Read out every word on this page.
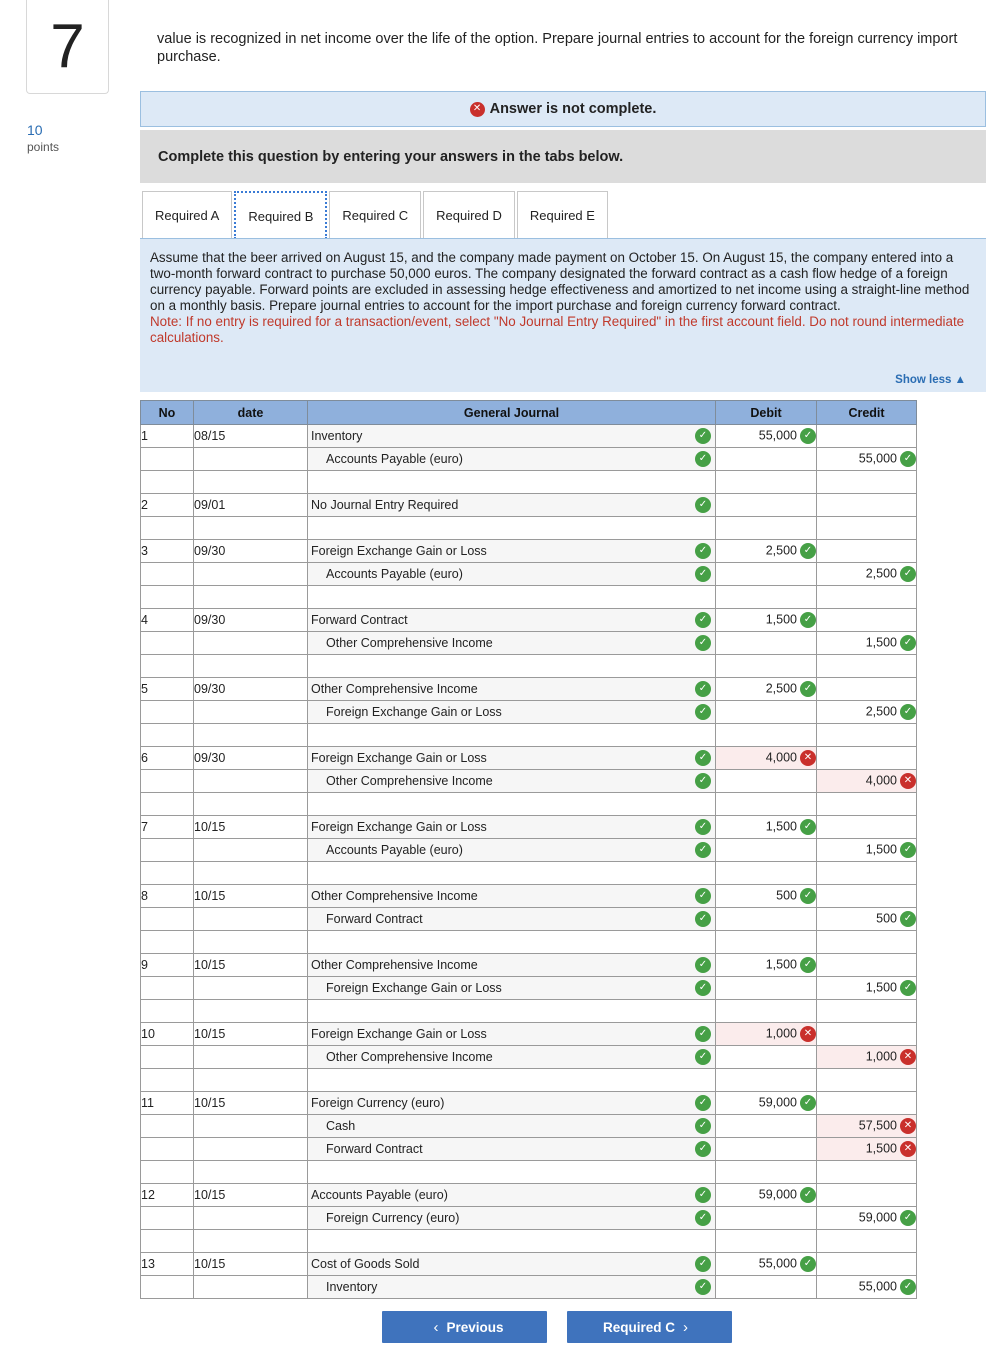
7
10
points
value is recognized in net income over the life of the option. Prepare journal entries to account for the foreign currency import purchase.
✕ Answer is not complete.
Complete this question by entering your answers in the tabs below.
Required A	Required B	Required C	Required D	Required E
Assume that the beer arrived on August 15, and the company made payment on October 15. On August 15, the company entered into a two-month forward contract to purchase 50,000 euros. The company designated the forward contract as a cash flow hedge of a foreign currency payable. Forward points are excluded in assessing hedge effectiveness and amortized to net income using a straight-line method on a monthly basis. Prepare journal entries to account for the import purchase and foreign currency forward contract.
Note: If no entry is required for a transaction/event, select "No Journal Entry Required" in the first account field. Do not round intermediate calculations.
Show less ▲
No	date	General Journal	Debit	Credit
1	08/15	Inventory ✓	55,000 ✓	
		Accounts Payable (euro) ✓		55,000 ✓

2	09/01	No Journal Entry Required ✓		

3	09/30	Foreign Exchange Gain or Loss ✓	2,500 ✓	
		Accounts Payable (euro) ✓		2,500 ✓

4	09/30	Forward Contract ✓	1,500 ✓	
		Other Comprehensive Income ✓		1,500 ✓

5	09/30	Other Comprehensive Income ✓	2,500 ✓	
		Foreign Exchange Gain or Loss ✓		2,500 ✓

6	09/30	Foreign Exchange Gain or Loss ✓	4,000 ✕	
		Other Comprehensive Income ✓		4,000 ✕

7	10/15	Foreign Exchange Gain or Loss ✓	1,500 ✓	
		Accounts Payable (euro) ✓		1,500 ✓

8	10/15	Other Comprehensive Income ✓	500 ✓	
		Forward Contract ✓		500 ✓

9	10/15	Other Comprehensive Income ✓	1,500 ✓	
		Foreign Exchange Gain or Loss ✓		1,500 ✓

10	10/15	Foreign Exchange Gain or Loss ✓	1,000 ✕	
		Other Comprehensive Income ✓		1,000 ✕

11	10/15	Foreign Currency (euro) ✓	59,000 ✓	
		Cash ✓		57,500 ✕
		Forward Contract ✓		1,500 ✕

12	10/15	Accounts Payable (euro) ✓	59,000 ✓	
		Foreign Currency (euro) ✓		59,000 ✓

13	10/15	Cost of Goods Sold ✓	55,000 ✓	
		Inventory ✓		55,000 ✓
‹ Previous	Required C ›
